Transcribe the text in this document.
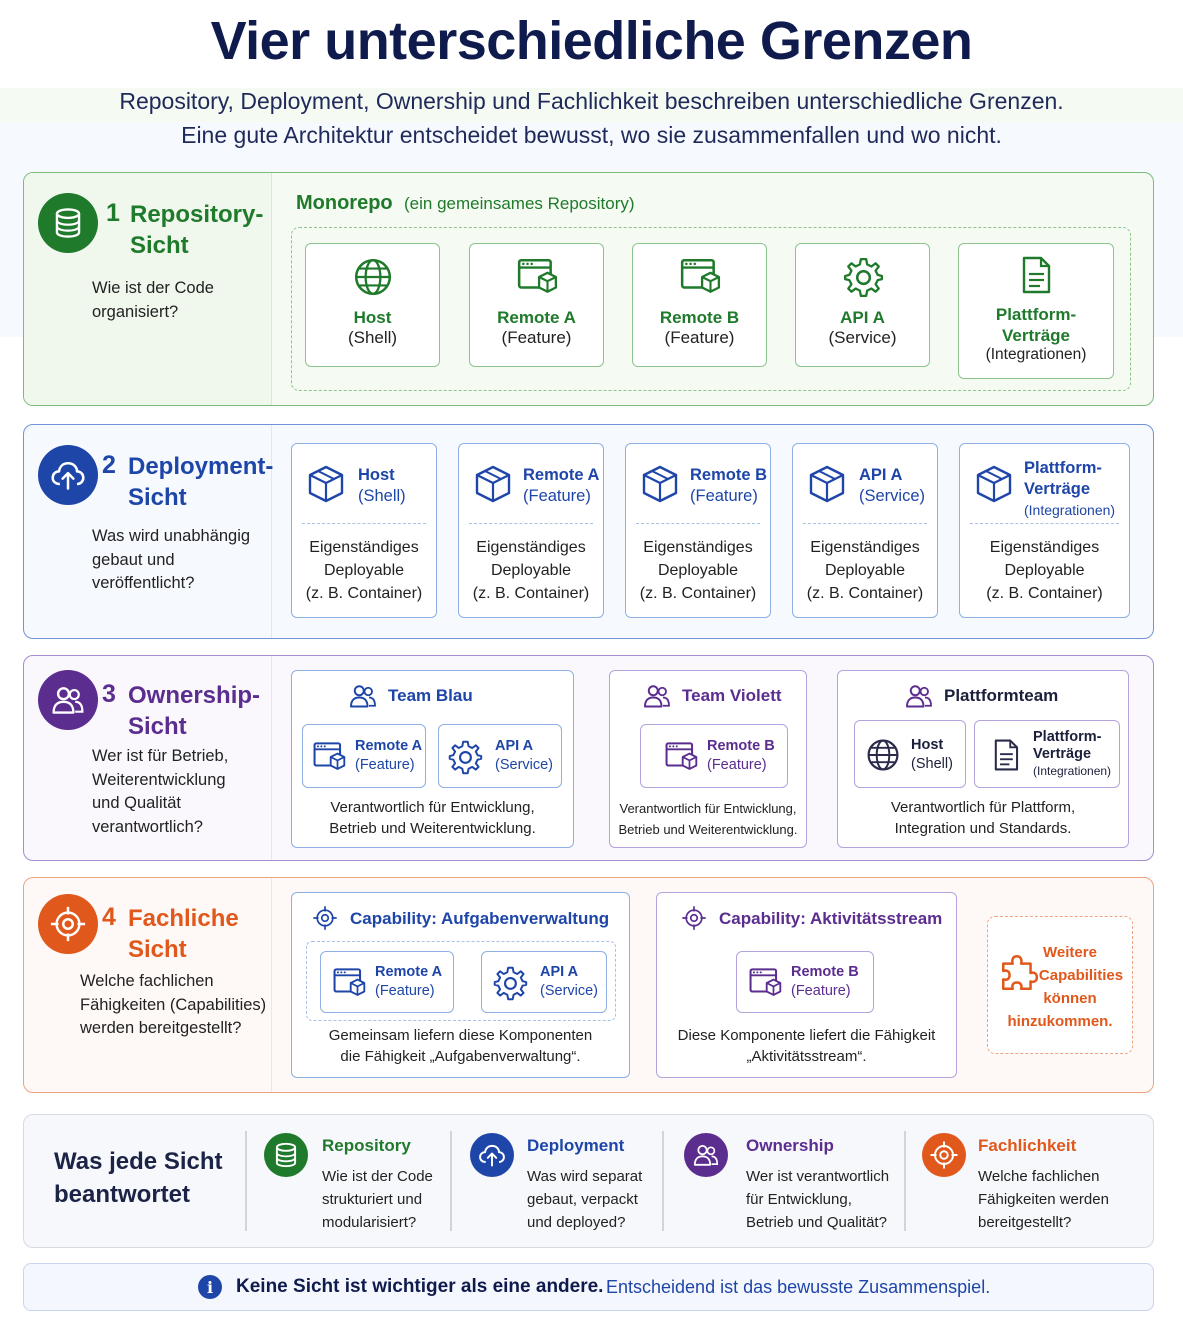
Vier unterschiedliche Grenzen
Repository, Deployment, Ownership und Fachlichkeit beschreiben unterschiedliche Grenzen.
Eine gute Architektur entscheidet bewusst, wo sie zusammenfallen und wo nicht.
1 Repository-
Sicht
Wie ist der Code
organisiert?
Monorepo (ein gemeinsames Repository)
Host
(Shell)
Remote A
(Feature)
Remote B
(Feature)
API A
(Service)
Plattform-
Verträge
(Integrationen)
2 Deployment-
Sicht
Was wird unabhängig
gebaut und
veröffentlicht?
Host
(Shell)
Eigenständiges
Deployable
(z. B. Container)
Remote A
(Feature)
Eigenständiges
Deployable
(z. B. Container)
Remote B
(Feature)
Eigenständiges
Deployable
(z. B. Container)
API A
(Service)
Eigenständiges
Deployable
(z. B. Container)
Plattform-
Verträge
(Integrationen)
Eigenständiges
Deployable
(z. B. Container)
3 Ownership-
Sicht
Wer ist für Betrieb,
Weiterentwicklung
und Qualität
verantwortlich?
Team Blau
Remote A
(Feature)
API A
(Service)
Verantwortlich für Entwicklung,
Betrieb und Weiterentwicklung.
Team Violett
Remote B
(Feature)
Verantwortlich für Entwicklung,
Betrieb und Weiterentwicklung.
Plattformteam
Host
(Shell)
Plattform-
Verträge
(Integrationen)
Verantwortlich für Plattform,
Integration und Standards.
4 Fachliche
Sicht
Welche fachlichen
Fähigkeiten (Capabilities)
werden bereitgestellt?
Capability: Aufgabenverwaltung
Remote A
(Feature)
API A
(Service)
Gemeinsam liefern diese Komponenten
die Fähigkeit „Aufgabenverwaltung“.
Capability: Aktivitätsstream
Remote B
(Feature)
Diese Komponente liefert die Fähigkeit
„Aktivitätsstream“.
Weitere
Capabilities
können
hinzukommen.
Was jede Sicht
beantwortet
Repository
Wie ist der Code
strukturiert und
modularisiert?
Deployment
Was wird separat
gebaut, verpackt
und deployed?
Ownership
Wer ist verantwortlich
für Entwicklung,
Betrieb und Qualität?
Fachlichkeit
Welche fachlichen
Fähigkeiten werden
bereitgestellt?
i	Keine Sicht ist wichtiger als eine andere. Entscheidend ist das bewusste Zusammenspiel.
